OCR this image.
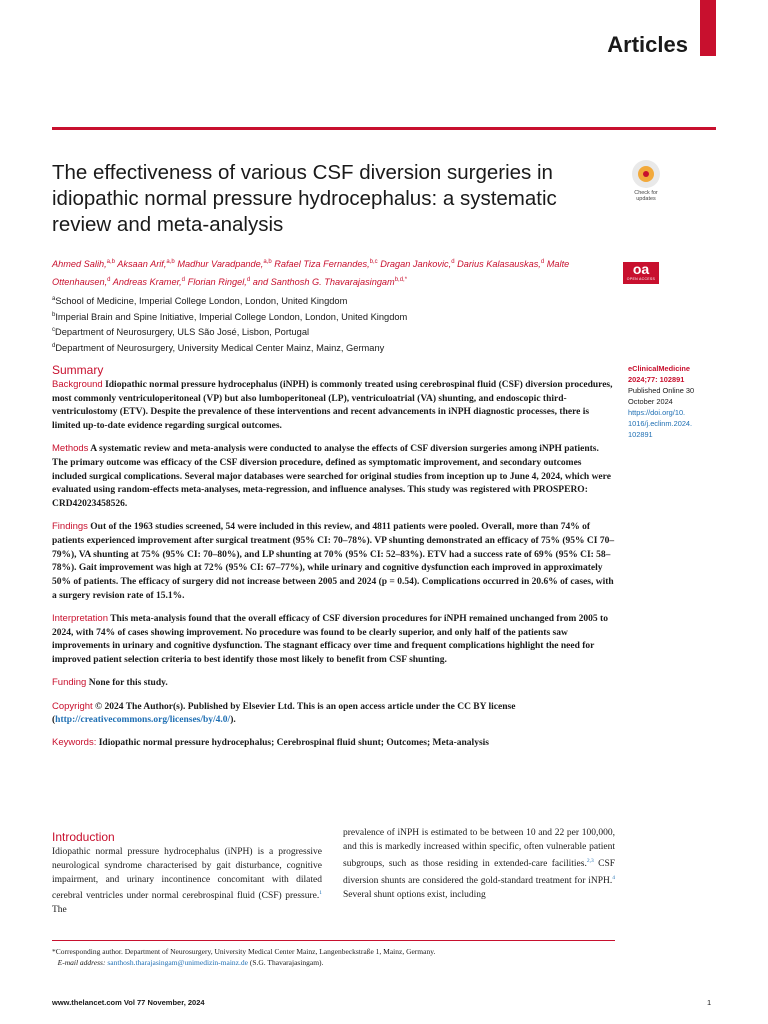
Articles
The effectiveness of various CSF diversion surgeries in idiopathic normal pressure hydrocephalus: a systematic review and meta-analysis
Check for
updates
oa
OPEN ACCESS
Ahmed Salih,$^{a,b}$ Aksaan Arif,$^{a,b}$ Madhur Varadpande,$^{a,b}$ Rafael Tiza Fernandes,$^{b,c}$ Dragan Jankovic,$^d$ Darius Kalasauskas,$^d$ Malte Ottenhausen,$^d$ Andreas Kramer,$^d$ Florian Ringel,$^d$ and Santhosh G. Thavarajasingam$^{b,d,*}$
$^a$School of Medicine, Imperial College London, London, United Kingdom
$^b$Imperial Brain and Spine Initiative, Imperial College London, London, United Kingdom
$^c$Department of Neurosurgery, ULS São José, Lisbon, Portugal
$^d$Department of Neurosurgery, University Medical Center Mainz, Mainz, Germany
Summary
Background Idiopathic normal pressure hydrocephalus (iNPH) is commonly treated using cerebrospinal fluid (CSF) diversion procedures, most commonly ventriculoperitoneal (VP) but also lumboperitoneal (LP), ventriculoatrial (VA) shunting, and endoscopic third-ventriculostomy (ETV). Despite the prevalence of these interventions and recent advancements in iNPH diagnostic processes, there is limited up-to-date evidence regarding surgical outcomes.
Methods A systematic review and meta-analysis were conducted to analyse the effects of CSF diversion surgeries among iNPH patients. The primary outcome was efficacy of the CSF diversion procedure, defined as symptomatic improvement, and secondary outcomes included surgical complications. Several major databases were searched for original studies from inception up to June 4, 2024, which were evaluated using random-effects meta-analyses, meta-regression, and influence analyses. This study was registered with PROSPERO: CRD42023458526.
Findings Out of the 1963 studies screened, 54 were included in this review, and 4811 patients were pooled. Overall, more than 74% of patients experienced improvement after surgical treatment (95% CI: 70–78%). VP shunting demonstrated an efficacy of 75% (95% CI 70–79%), VA shunting at 75% (95% CI: 70–80%), and LP shunting at 70% (95% CI: 52–83%). ETV had a success rate of 69% (95% CI: 58–78%). Gait improvement was high at 72% (95% CI: 67–77%), while urinary and cognitive dysfunction each improved in approximately 50% of patients. The efficacy of surgery did not increase between 2005 and 2024 (p = 0.54). Complications occurred in 20.6% of cases, with a surgery revision rate of 15.1%.
Interpretation This meta-analysis found that the overall efficacy of CSF diversion procedures for iNPH remained unchanged from 2005 to 2024, with 74% of cases showing improvement. No procedure was found to be clearly superior, and only half of the patients saw improvements in urinary and cognitive dysfunction. The stagnant efficacy over time and frequent complications highlight the need for improved patient selection criteria to best identify those most likely to benefit from CSF shunting.
Funding None for this study.
Copyright © 2024 The Author(s). Published by Elsevier Ltd. This is an open access article under the CC BY license (http://creativecommons.org/licenses/by/4.0/).
Keywords: Idiopathic normal pressure hydrocephalus; Cerebrospinal fluid shunt; Outcomes; Meta-analysis
eClinicalMedicine
2024;77: 102891
Published Online 30
October 2024
https://doi.org/10.
1016/j.eclinm.2024.
102891
Introduction
Idiopathic normal pressure hydrocephalus (iNPH) is a progressive neurological syndrome characterised by gait disturbance, cognitive impairment, and urinary incontinence concomitant with dilated cerebral ventricles under normal cerebrospinal fluid (CSF) pressure.$^1$ The
prevalence of iNPH is estimated to be between 10 and 22 per 100,000, and this is markedly increased within specific, often vulnerable patient subgroups, such as those residing in extended-care facilities.$^{2,3}$ CSF diversion shunts are considered the gold-standard treatment for iNPH.$^4$ Several shunt options exist, including
*Corresponding author. Department of Neurosurgery, University Medical Center Mainz, Langenbeckstraße 1, Mainz, Germany.
E-mail address: santhosh.tharajasingam@unimedizin-mainz.de (S.G. Thavarajasingam).
www.thelancet.com Vol 77 November, 2024	1
